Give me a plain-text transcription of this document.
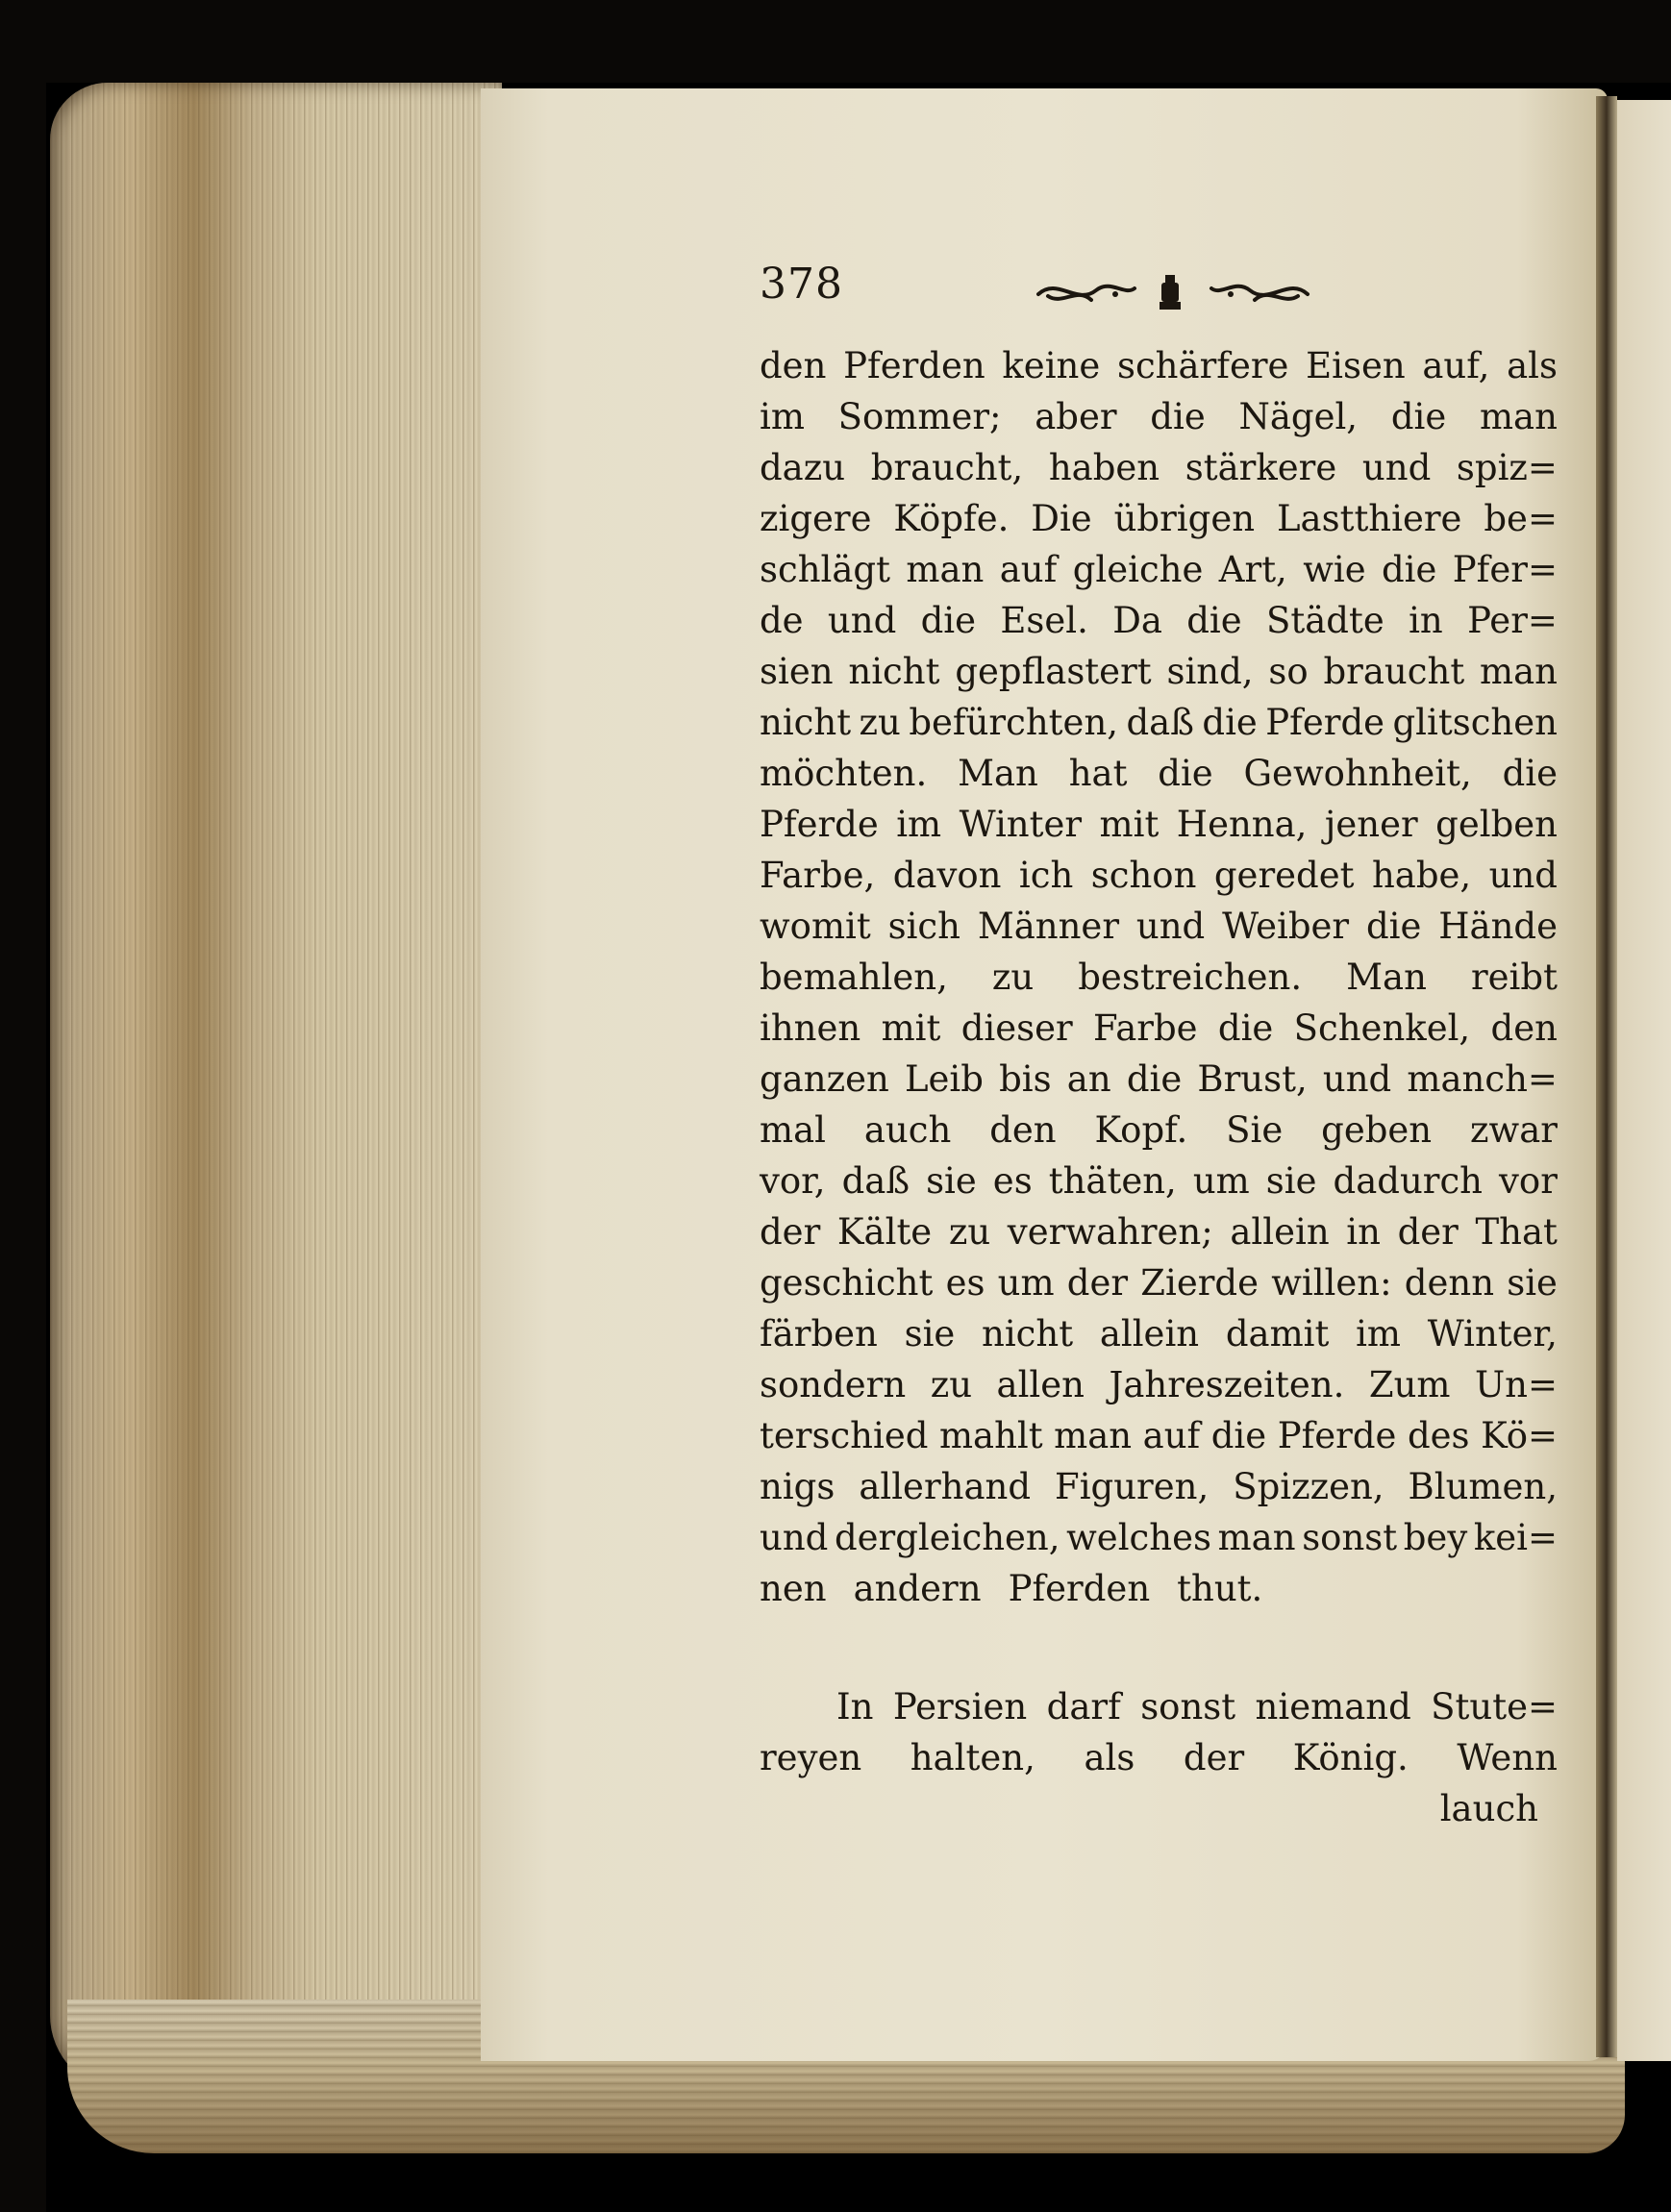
378
den Pferden keine schärfere Eisen auf, als
im Sommer; aber die Nägel, die man
dazu braucht, haben stärkere und spiz=
zigere Köpfe. Die übrigen Lastthiere be=
schlägt man auf gleiche Art, wie die Pfer=
de und die Esel. Da die Städte in Per=
sien nicht gepflastert sind, so braucht man
nicht zu befürchten, daß die Pferde glitschen
möchten. Man hat die Gewohnheit, die
Pferde im Winter mit Henna, jener gelben
Farbe, davon ich schon geredet habe, und
womit sich Männer und Weiber die Hände
bemahlen, zu bestreichen. Man reibt
ihnen mit dieser Farbe die Schenkel, den
ganzen Leib bis an die Brust, und manch=
mal auch den Kopf. Sie geben zwar
vor, daß sie es thäten, um sie dadurch vor
der Kälte zu verwahren; allein in der That
geschicht es um der Zierde willen: denn sie
färben sie nicht allein damit im Winter,
sondern zu allen Jahreszeiten. Zum Un=
terschied mahlt man auf die Pferde des Kö=
nigs allerhand Figuren, Spizzen, Blumen,
und dergleichen, welches man sonst bey kei=
nen andern Pferden thut.
In Persien darf sonst niemand Stute=
reyen halten, als der König. Wenn
lauch
